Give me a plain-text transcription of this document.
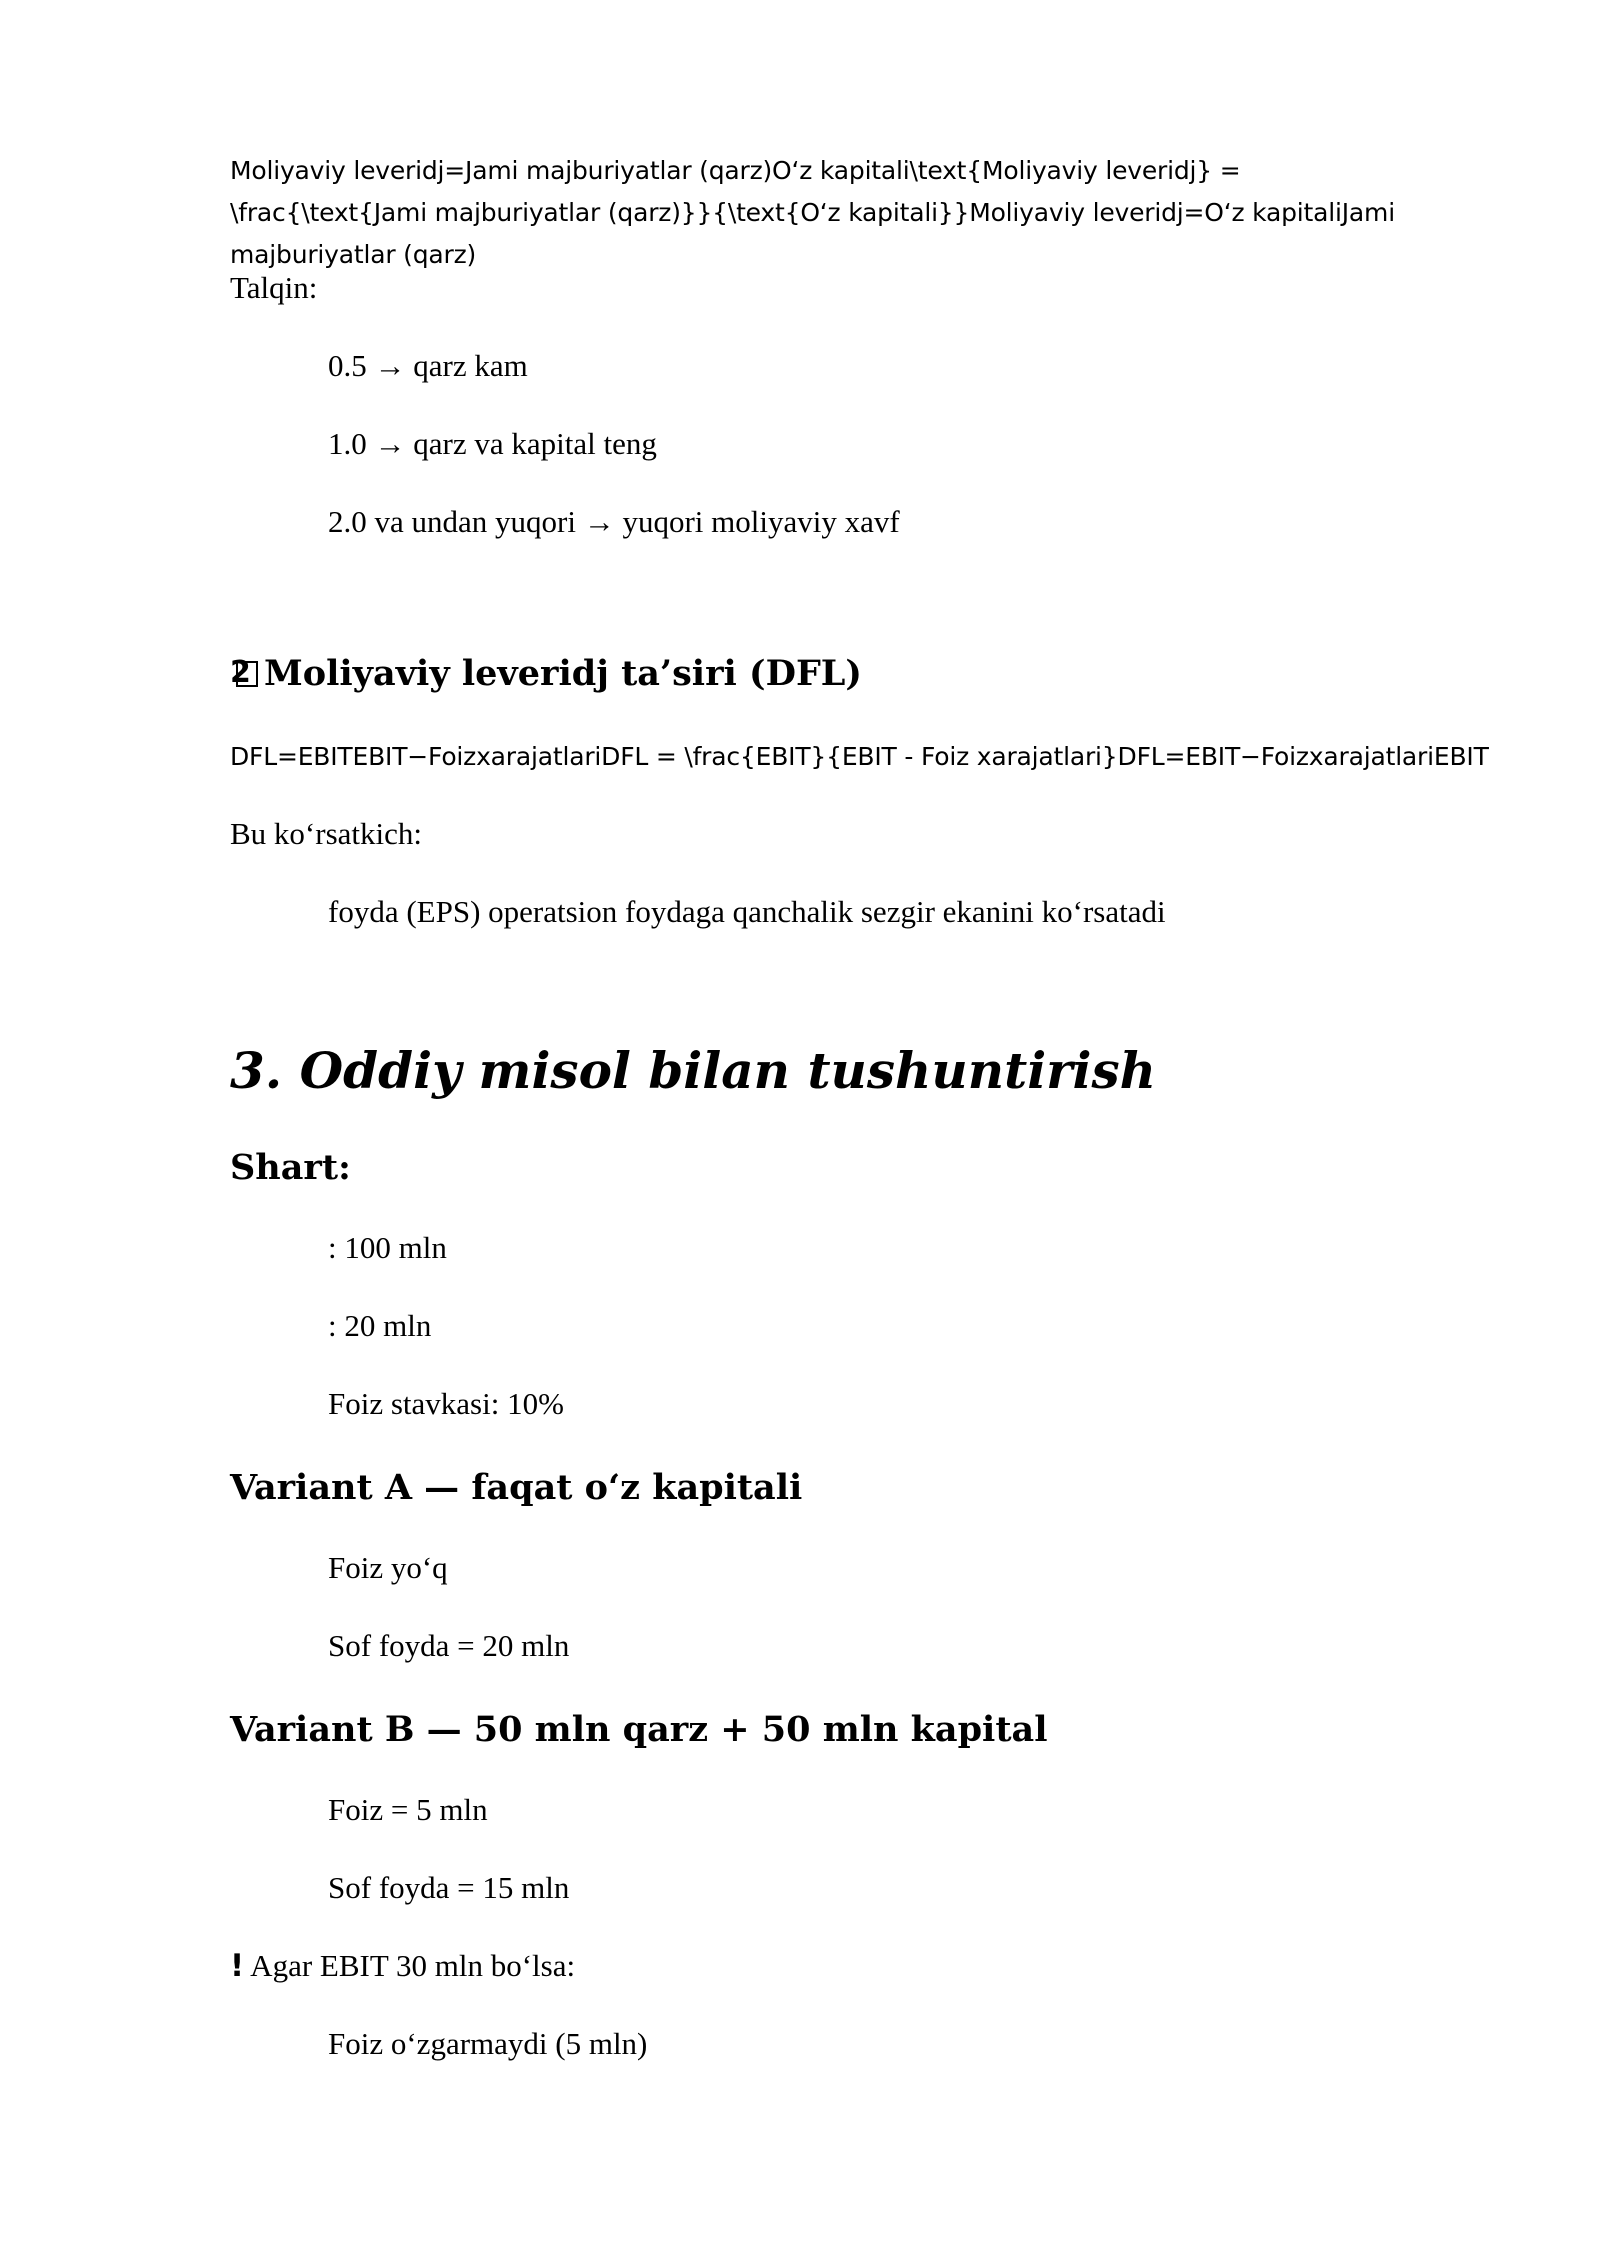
Moliyaviy leveridj=Jami majburiyatlar (qarz)O‘z kapitali\text{Moliyaviy leveridj} = \frac{\text{Jami majburiyatlar (qarz)}}{\text{O‘z kapitali}}Moliyaviy leveridj=O‘z kapitaliJami majburiyatlar (qarz)
Talqin:
0.5 → qarz kam
1.0 → qarz va kapital teng
2.0 va undan yuqori → yuqori moliyaviy xavf
2 Moliyaviy leveridj ta’siri (DFL)
DFL=EBITEBIT−FoizxarajatlariDFL = \frac{EBIT}{EBIT - Foiz xarajatlari}DFL=EBIT−FoizxarajatlariEBIT
Bu ko‘rsatkich:
foyda (EPS) operatsion foydaga qanchalik sezgir ekanini ko‘rsatadi
3. Oddiy misol bilan tushuntirish
Shart:
: 100 mln
: 20 mln
Foiz stavkasi: 10%
Variant A — faqat o‘z kapitali
Foiz yo‘q
Sof foyda = 20 mln
Variant B — 50 mln qarz + 50 mln kapital
Foiz = 5 mln
Sof foyda = 15 mln
! Agar EBIT 30 mln bo‘lsa:
Foiz o‘zgarmaydi (5 mln)
